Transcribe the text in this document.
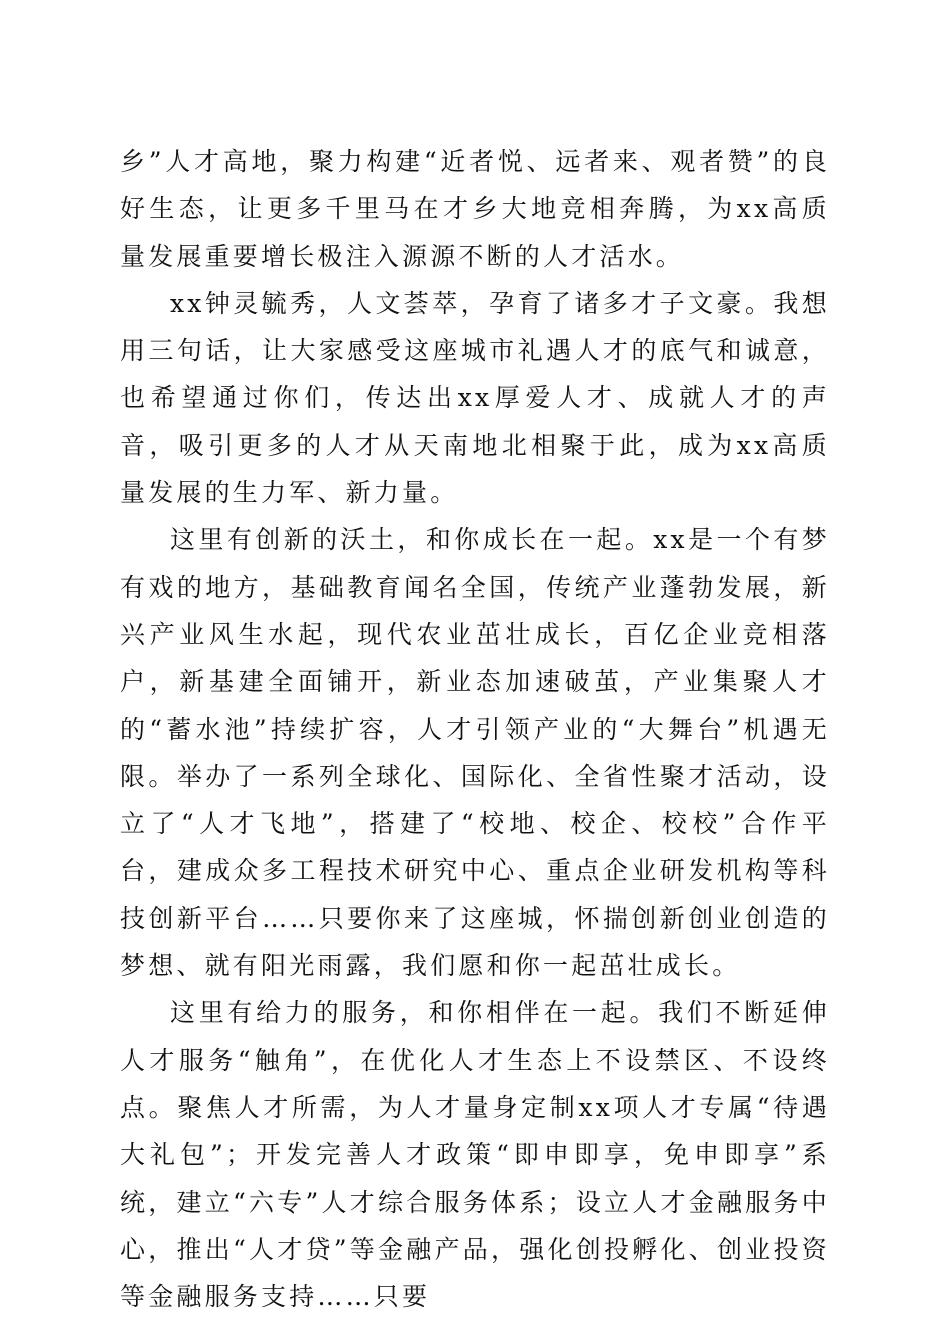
乡”人才高地，聚力构建“近者悦、远者来、观者赞”的良好生态，让更多千里马在才乡大地竞相奔腾，为xx高质量发展重要增长极注入源源不断的人才活水。

xx钟灵毓秀，人文荟萃，孕育了诸多才子文豪。我想用三句话，让大家感受这座城市礼遇人才的底气和诚意，也希望通过你们，传达出xx厚爱人才、成就人才的声音，吸引更多的人才从天南地北相聚于此，成为xx高质量发展的生力军、新力量。

这里有创新的沃土，和你成长在一起。xx是一个有梦有戏的地方，基础教育闻名全国，传统产业蓬勃发展，新兴产业风生水起，现代农业茁壮成长，百亿企业竞相落户，新基建全面铺开，新业态加速破茧，产业集聚人才的“蓄水池”持续扩容，人才引领产业的“大舞台”机遇无限。举办了一系列全球化、国际化、全省性聚才活动，设立了“人才飞地”，搭建了“校地、校企、校校”合作平台，建成众多工程技术研究中心、重点企业研发机构等科技创新平台……只要你来了这座城，怀揣创新创业创造的梦想、就有阳光雨露，我们愿和你一起茁壮成长。

这里有给力的服务，和你相伴在一起。我们不断延伸人才服务“触角”，在优化人才生态上不设禁区、不设终点。聚焦人才所需，为人才量身定制xx项人才专属“待遇大礼包”；开发完善人才政策“即申即享，免申即享”系统，建立“六专”人才综合服务体系；设立人才金融服务中心，推出“人才贷”等金融产品，强化创投孵化、创业投资等金融服务支持……只要
